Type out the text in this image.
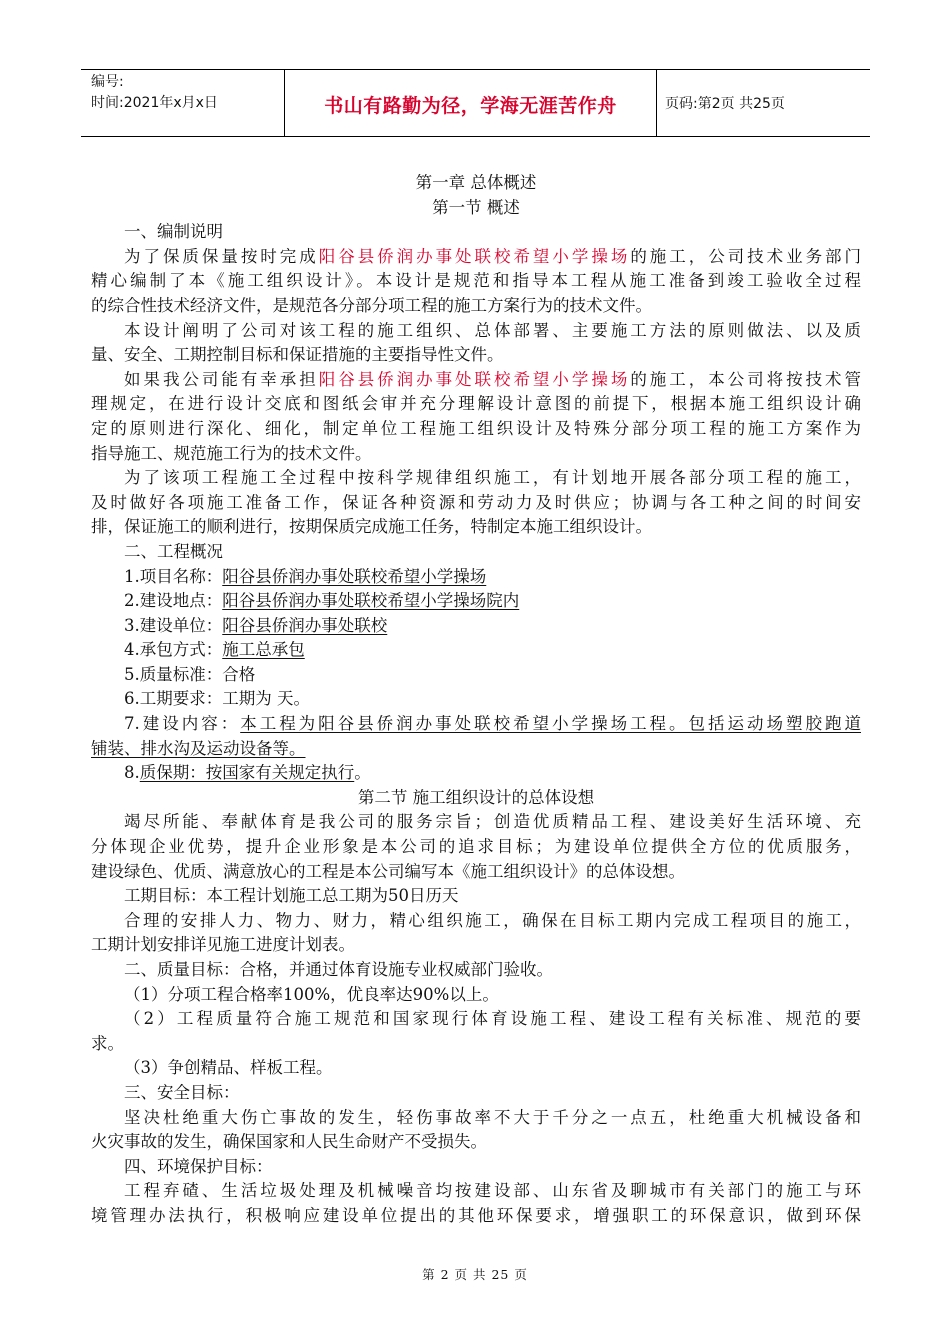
编号:
时间:2021年x月x日	书山有路勤为径，学海无涯苦作舟	页码:第2页 共25页
第一章 总体概述
第一节 概述
一、编制说明
为了保质保量按时完成阳谷县侨润办事处联校希望小学操场的施工，公司技术业务部门
精心编制了本《施工组织设计》。本设计是规范和指导本工程从施工准备到竣工验收全过程
的综合性技术经济文件，是规范各分部分项工程的施工方案行为的技术文件。
本设计阐明了公司对该工程的施工组织、总体部署、主要施工方法的原则做法、以及质
量、安全、工期控制目标和保证措施的主要指导性文件。
如果我公司能有幸承担阳谷县侨润办事处联校希望小学操场的施工，本公司将按技术管
理规定，在进行设计交底和图纸会审并充分理解设计意图的前提下，根据本施工组织设计确
定的原则进行深化、细化，制定单位工程施工组织设计及特殊分部分项工程的施工方案作为
指导施工、规范施工行为的技术文件。
为了该项工程施工全过程中按科学规律组织施工，有计划地开展各部分项工程的施工，
及时做好各项施工准备工作，保证各种资源和劳动力及时供应；协调与各工种之间的时间安
排，保证施工的顺利进行，按期保质完成施工任务，特制定本施工组织设计。
二、工程概况
1.项目名称：阳谷县侨润办事处联校希望小学操场
2.建设地点：阳谷县侨润办事处联校希望小学操场院内
3.建设单位：阳谷县侨润办事处联校
4.承包方式：施工总承包
5.质量标准：合格
6.工期要求：工期为 天。
7.建设内容：本工程为阳谷县侨润办事处联校希望小学操场工程。包括运动场塑胶跑道
铺装、排水沟及运动设备等。
8.质保期：按国家有关规定执行。
第二节 施工组织设计的总体设想
竭尽所能、奉献体育是我公司的服务宗旨；创造优质精品工程、建设美好生活环境、充
分体现企业优势，提升企业形象是本公司的追求目标；为建设单位提供全方位的优质服务，
建设绿色、优质、满意放心的工程是本公司编写本《施工组织设计》的总体设想。
工期目标：本工程计划施工总工期为50日历天
合理的安排人力、物力、财力，精心组织施工，确保在目标工期内完成工程项目的施工，
工期计划安排详见施工进度计划表。
二、质量目标：合格，并通过体育设施专业权威部门验收。
（1）分项工程合格率100%，优良率达90%以上。
（2）工程质量符合施工规范和国家现行体育设施工程、建设工程有关标准、规范的要
求。
（3）争创精品、样板工程。
三、安全目标：
坚决杜绝重大伤亡事故的发生，轻伤事故率不大于千分之一点五，杜绝重大机械设备和
火灾事故的发生，确保国家和人民生命财产不受损失。
四、环境保护目标：
工程弃碴、生活垃圾处理及机械噪音均按建设部、山东省及聊城市有关部门的施工与环
境管理办法执行，积极响应建设单位提出的其他环保要求，增强职工的环保意识，做到环保
第 2 页 共 25 页
